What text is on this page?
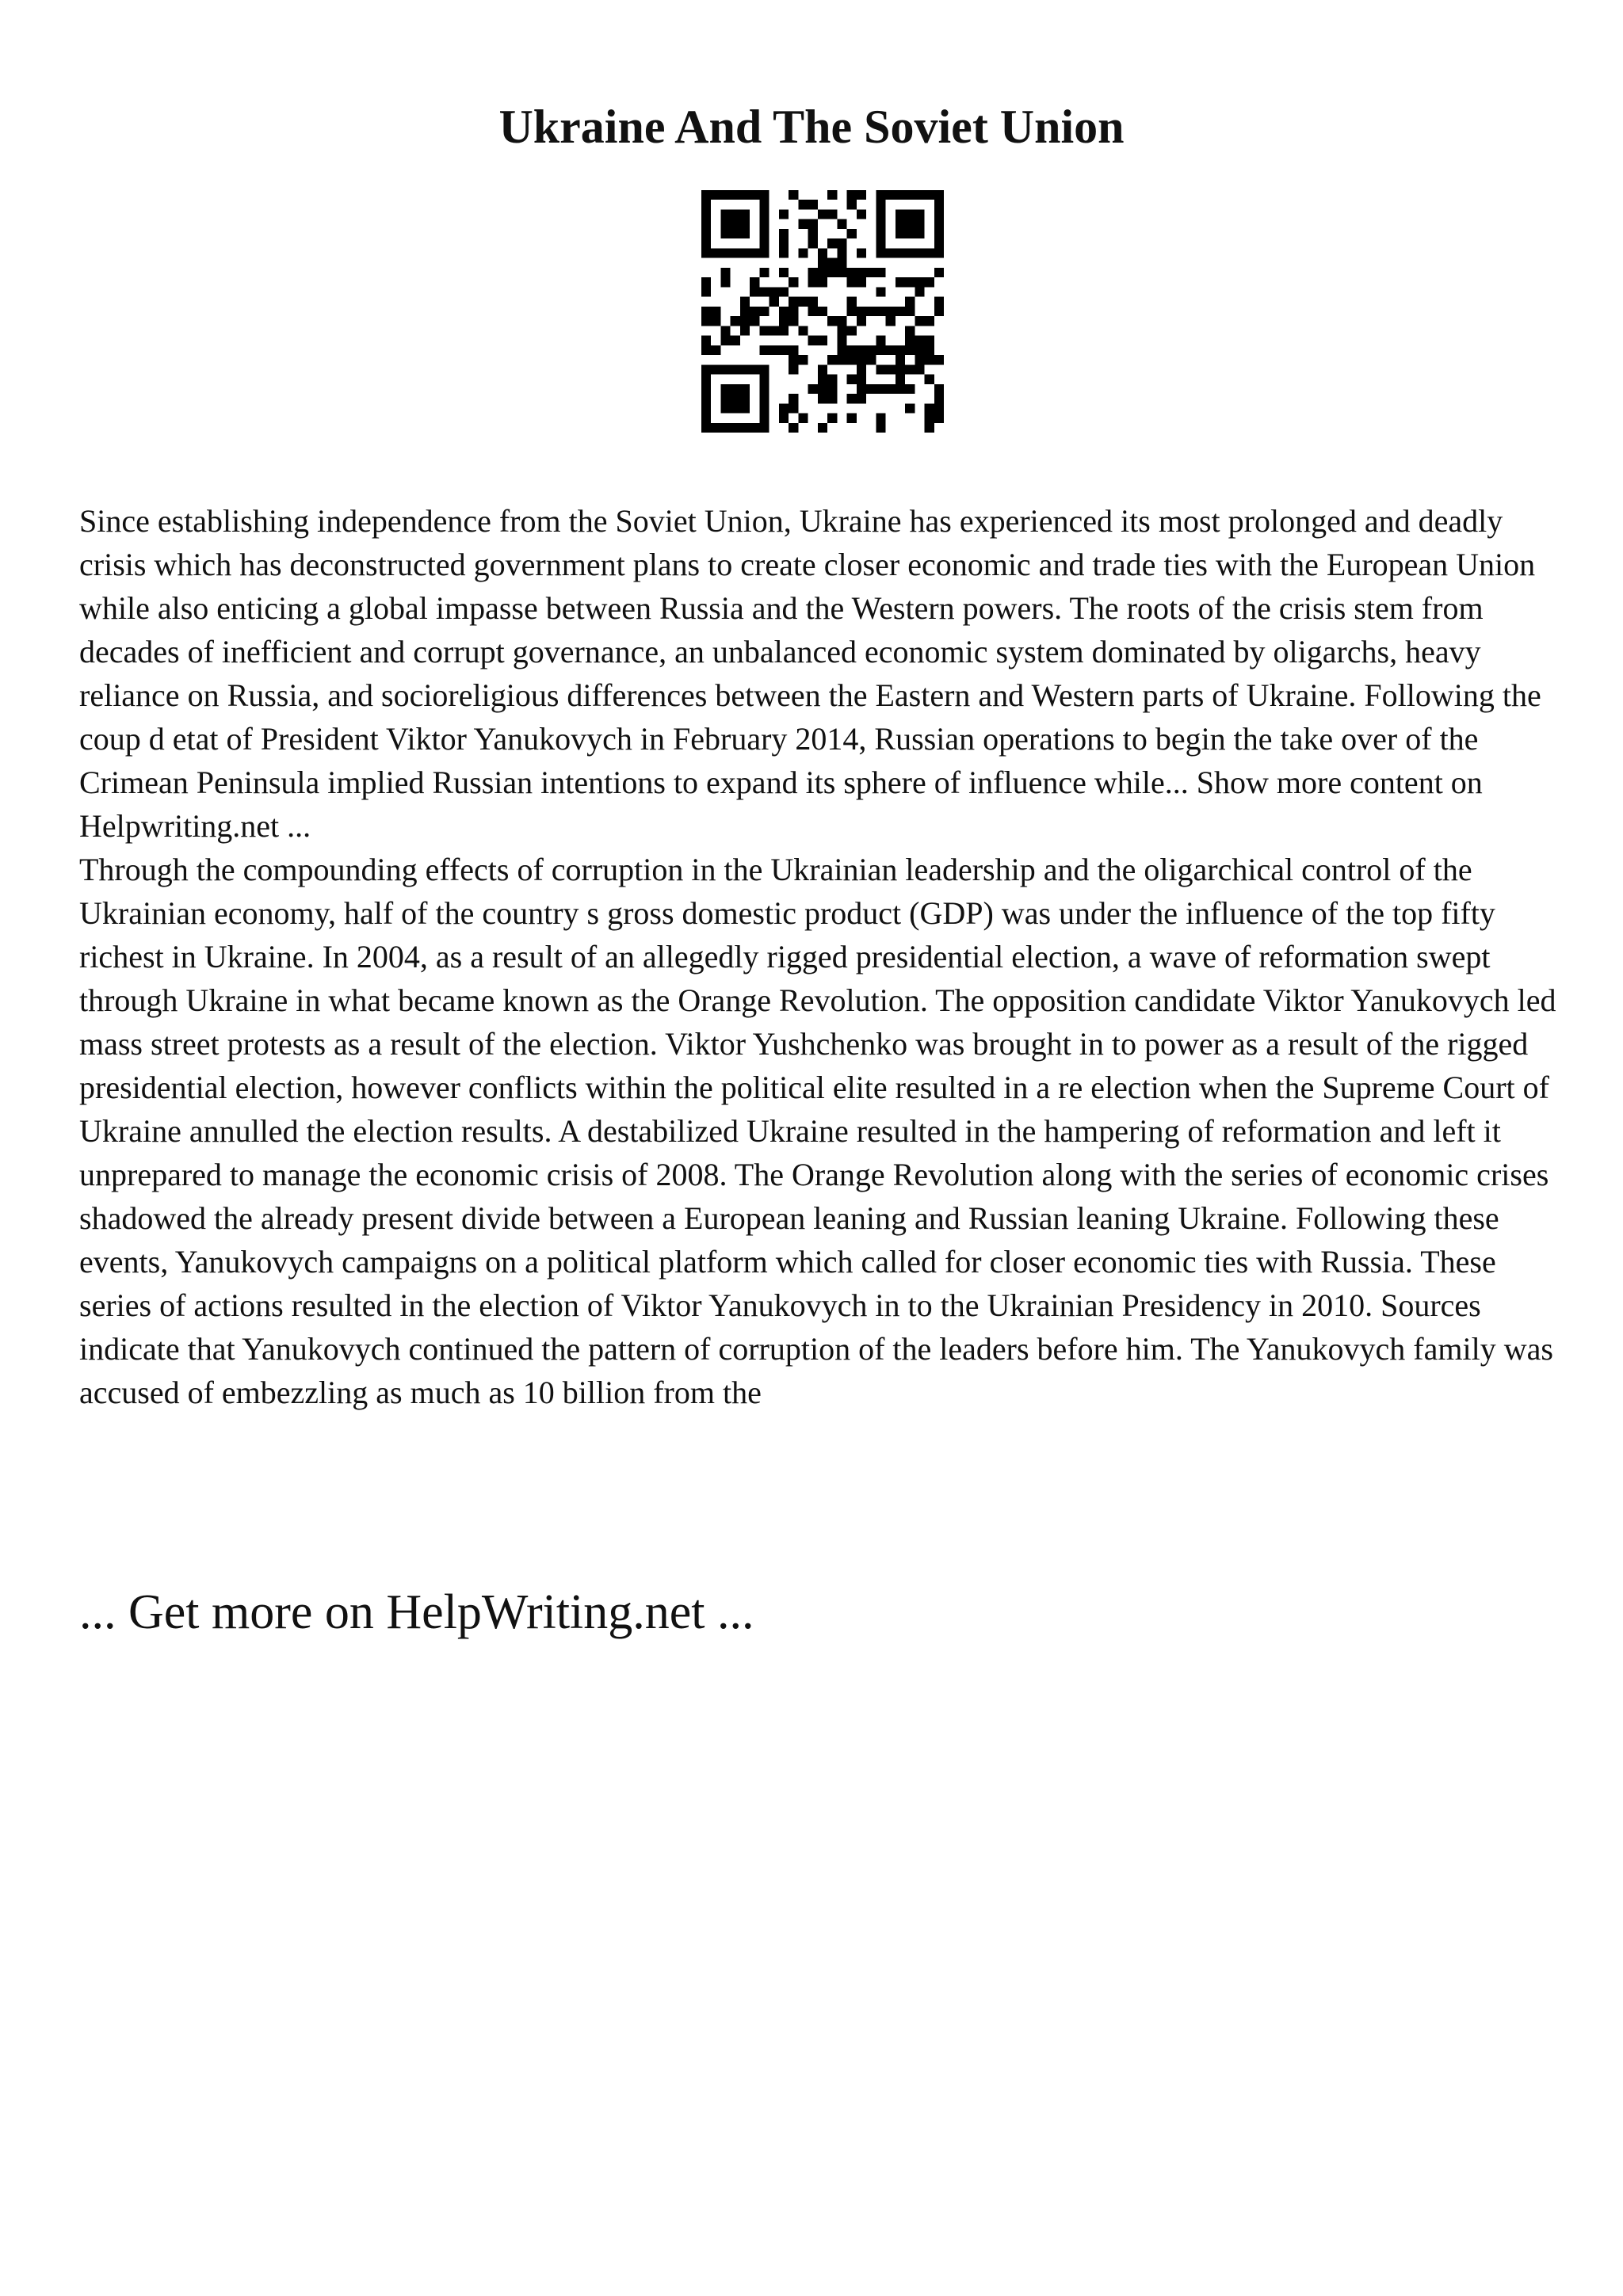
Ukraine And The Soviet Union

Since establishing independence from the Soviet Union, Ukraine has experienced its most prolonged and deadly crisis which has deconstructed government plans to create closer economic and trade ties with the European Union while also enticing a global impasse between Russia and the Western powers. The roots of the crisis stem from decades of inefficient and corrupt governance, an unbalanced economic system dominated by oligarchs, heavy reliance on Russia, and socioreligious differences between the Eastern and Western parts of Ukraine. Following the coup d etat of President Viktor Yanukovych in February 2014, Russian operations to begin the take over of the Crimean Peninsula implied Russian intentions to expand its sphere of influence while... Show more content on Helpwriting.net ...

Through the compounding effects of corruption in the Ukrainian leadership and the oligarchical control of the Ukrainian economy, half of the country s gross domestic product (GDP) was under the influence of the top fifty richest in Ukraine. In 2004, as a result of an allegedly rigged presidential election, a wave of reformation swept through Ukraine in what became known as the Orange Revolution. The opposition candidate Viktor Yanukovych led mass street protests as a result of the election. Viktor Yushchenko was brought in to power as a result of the rigged presidential election, however conflicts within the political elite resulted in a re election when the Supreme Court of Ukraine annulled the election results. A destabilized Ukraine resulted in the hampering of reformation and left it unprepared to manage the economic crisis of 2008. The Orange Revolution along with the series of economic crises shadowed the already present divide between a European leaning and Russian leaning Ukraine. Following these events, Yanukovych campaigns on a political platform which called for closer economic ties with Russia. These series of actions resulted in the election of Viktor Yanukovych in to the Ukrainian Presidency in 2010. Sources indicate that Yanukovych continued the pattern of corruption of the leaders before him. The Yanukovych family was accused of embezzling as much as 10 billion from the

... Get more on HelpWriting.net ...
